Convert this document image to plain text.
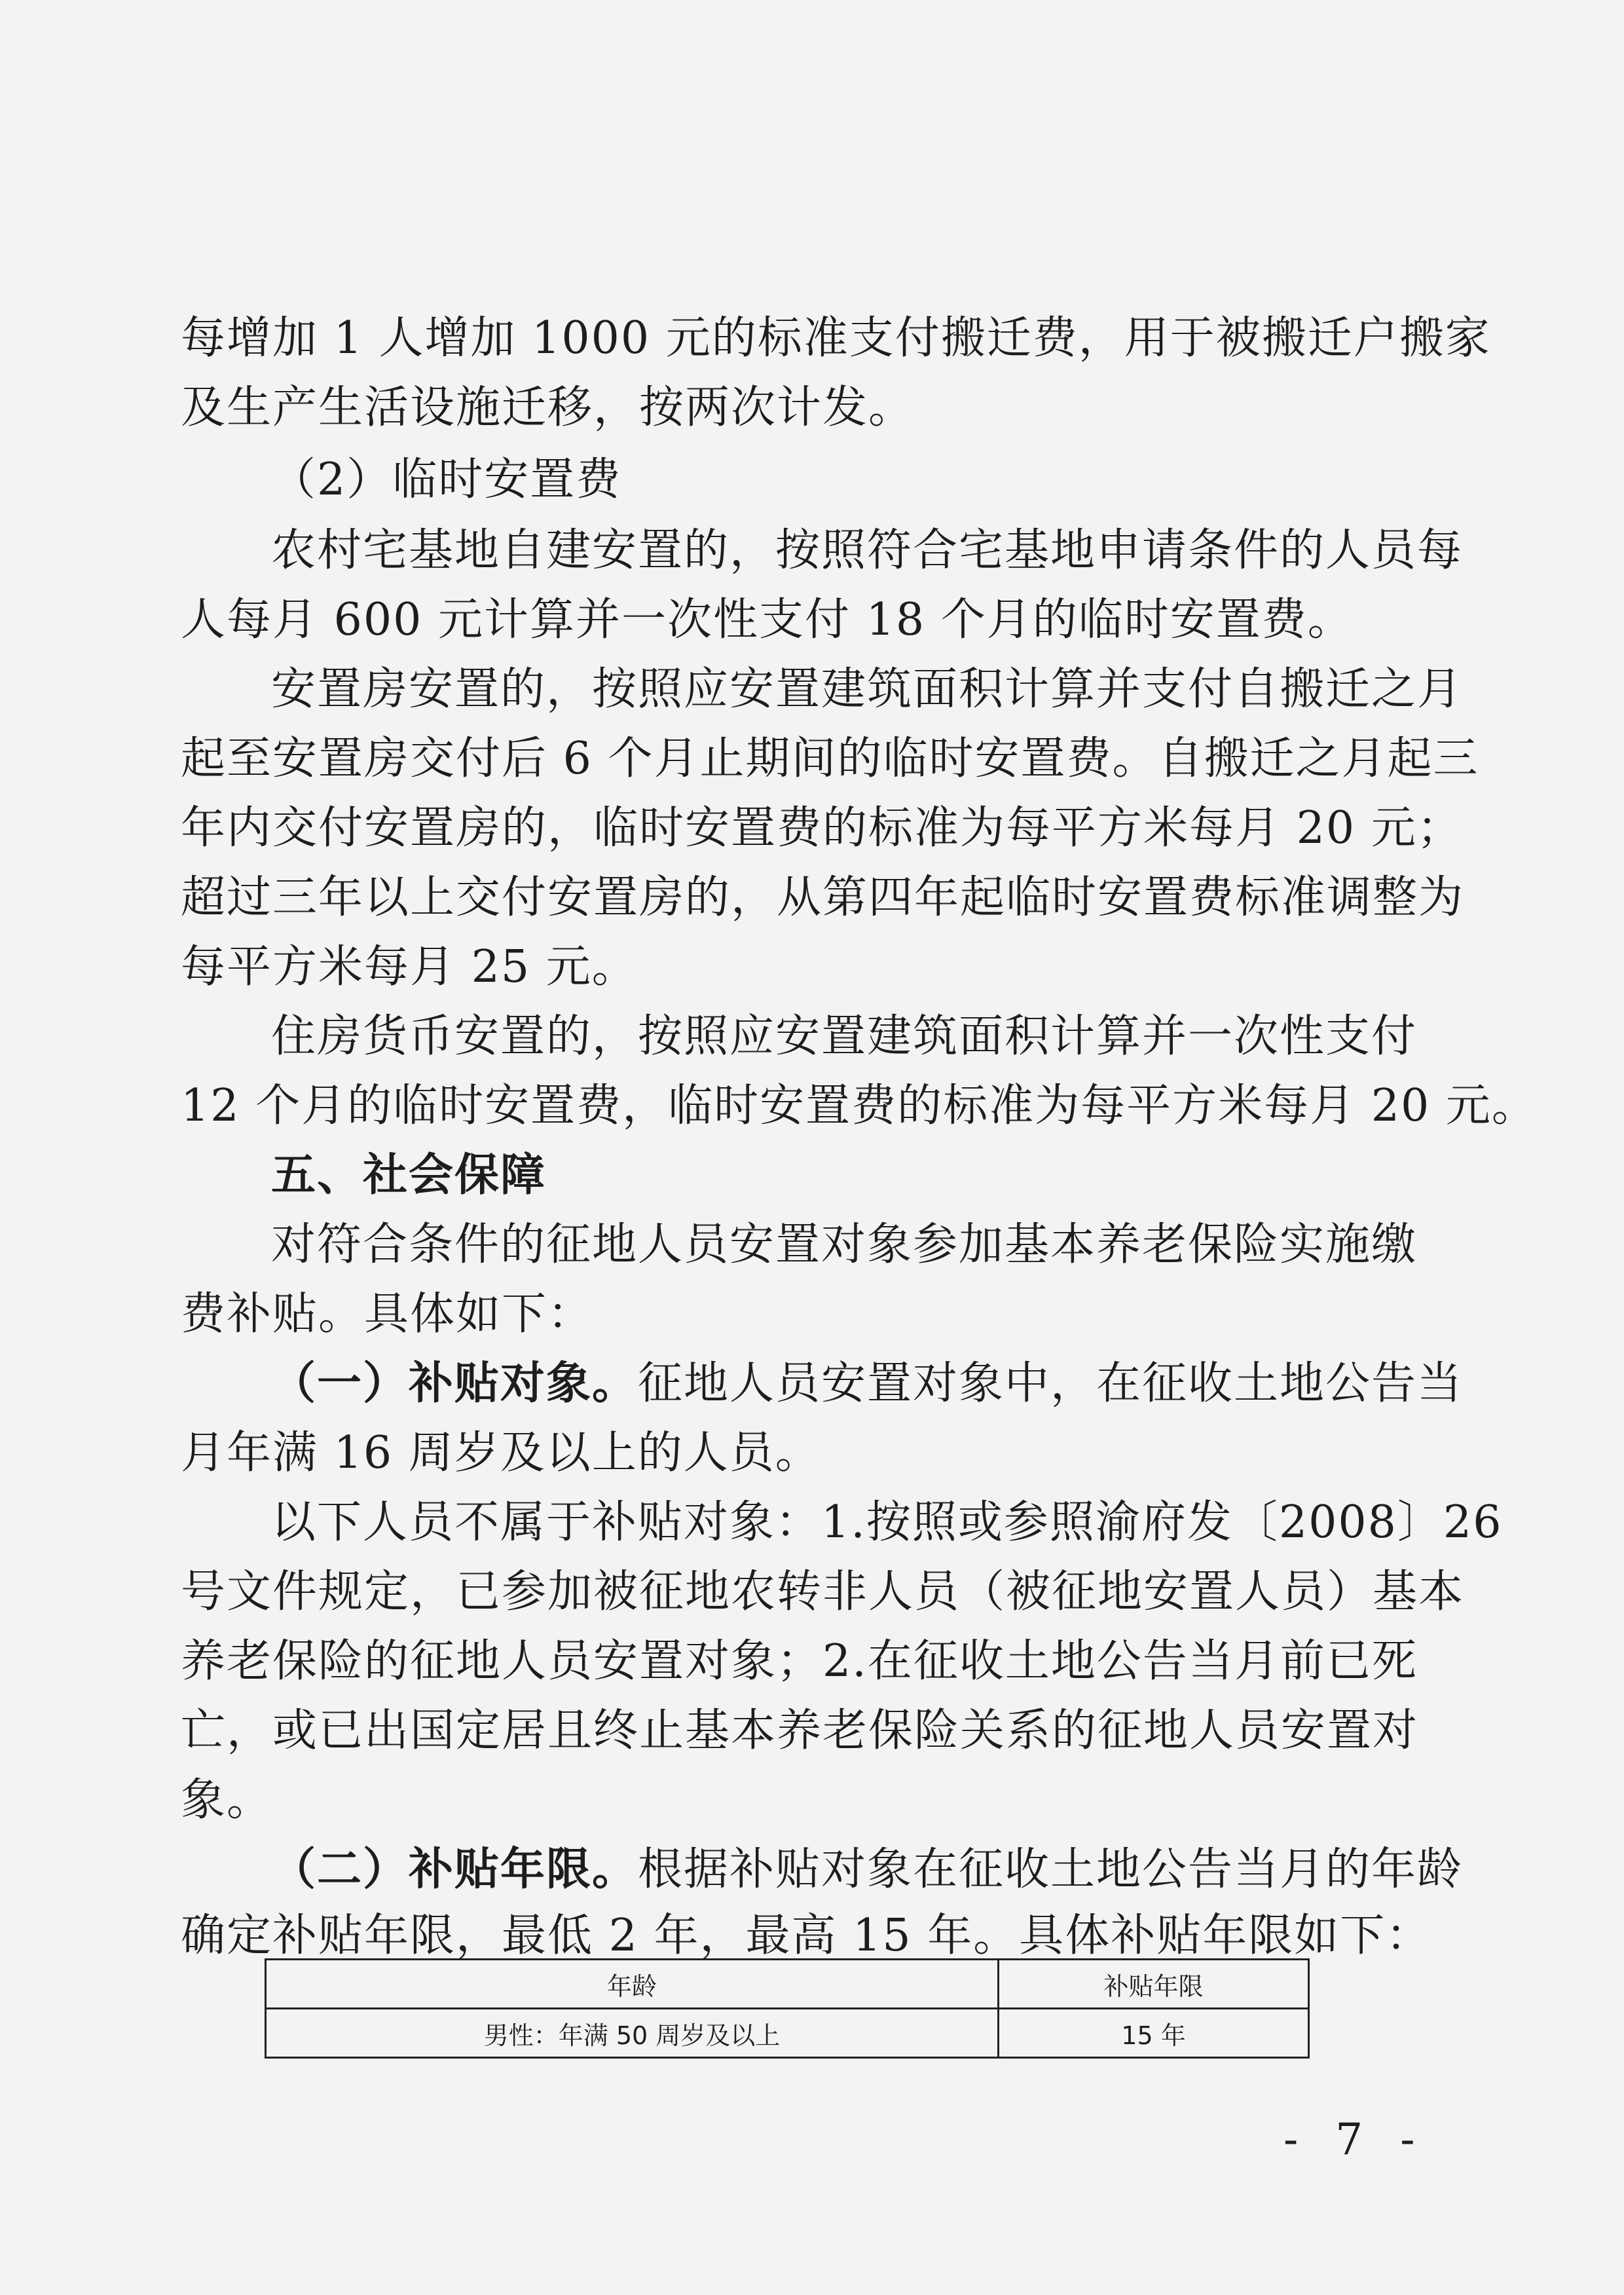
每增加 1 人增加 1000 元的标准支付搬迁费，用于被搬迁户搬家
及生产生活设施迁移，按两次计发。
（2）临时安置费
农村宅基地自建安置的，按照符合宅基地申请条件的人员每
人每月 600 元计算并一次性支付 18 个月的临时安置费。
安置房安置的，按照应安置建筑面积计算并支付自搬迁之月
起至安置房交付后 6 个月止期间的临时安置费。自搬迁之月起三
年内交付安置房的，临时安置费的标准为每平方米每月 20 元；
超过三年以上交付安置房的，从第四年起临时安置费标准调整为
每平方米每月 25 元。
住房货币安置的，按照应安置建筑面积计算并一次性支付
12 个月的临时安置费，临时安置费的标准为每平方米每月 20 元。
五、社会保障
对符合条件的征地人员安置对象参加基本养老保险实施缴
费补贴。具体如下：
（一）补贴对象。征地人员安置对象中，在征收土地公告当
月年满 16 周岁及以上的人员。
以下人员不属于补贴对象：1.按照或参照渝府发〔2008〕26
号文件规定，已参加被征地农转非人员（被征地安置人员）基本
养老保险的征地人员安置对象；2.在征收土地公告当月前已死
亡，或已出国定居且终止基本养老保险关系的征地人员安置对
象。
（二）补贴年限。根据补贴对象在征收土地公告当月的年龄
确定补贴年限，最低 2 年，最高 15 年。具体补贴年限如下：
年龄	补贴年限
男性：年满 50 周岁及以上	15 年
- 7 -
